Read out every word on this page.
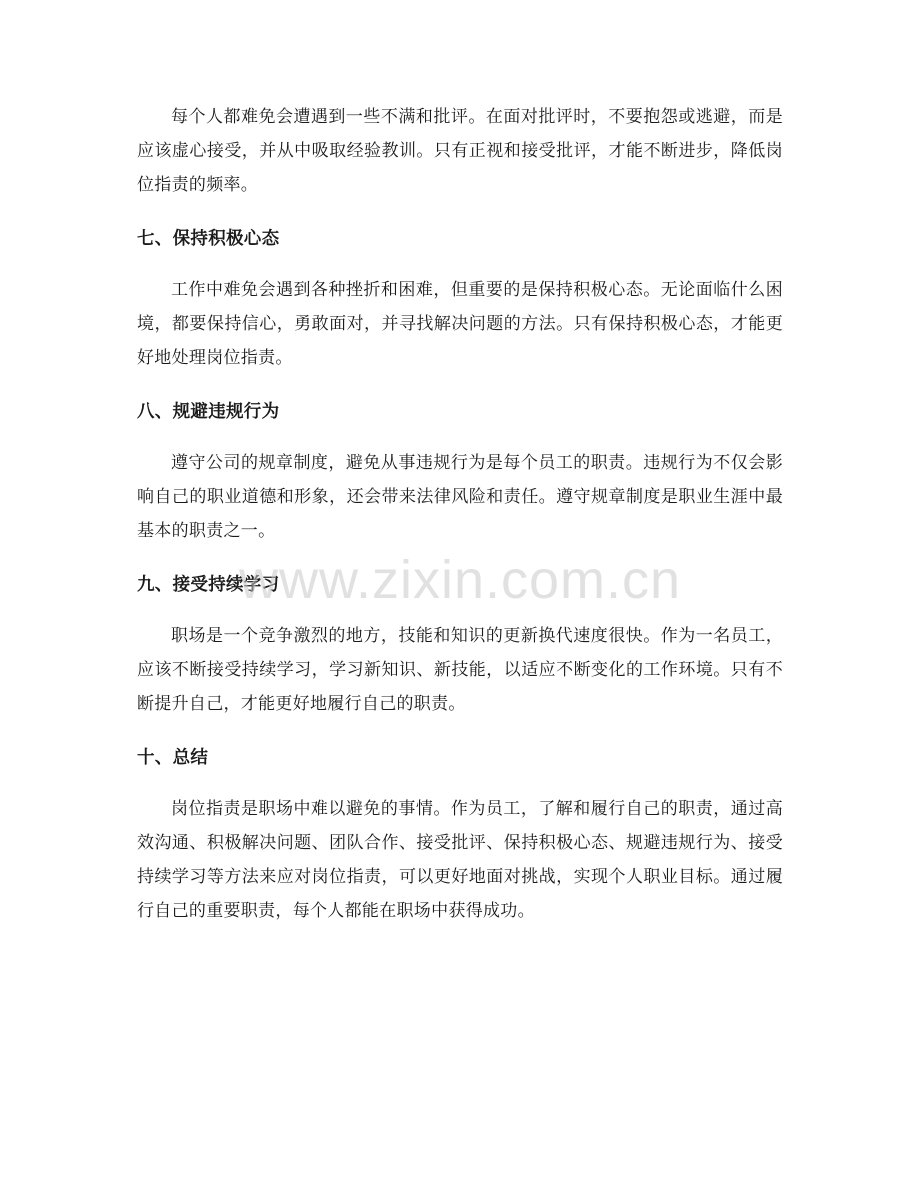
每个人都难免会遭遇到一些不满和批评。在面对批评时，不要抱怨或逃避，而是应该虚心接受，并从中吸取经验教训。只有正视和接受批评，才能不断进步，降低岗位指责的频率。

七、保持积极心态

工作中难免会遇到各种挫折和困难，但重要的是保持积极心态。无论面临什么困境，都要保持信心，勇敢面对，并寻找解决问题的方法。只有保持积极心态，才能更好地处理岗位指责。

八、规避违规行为

遵守公司的规章制度，避免从事违规行为是每个员工的职责。违规行为不仅会影响自己的职业道德和形象，还会带来法律风险和责任。遵守规章制度是职业生涯中最基本的职责之一。

九、接受持续学习

职场是一个竞争激烈的地方，技能和知识的更新换代速度很快。作为一名员工，应该不断接受持续学习，学习新知识、新技能，以适应不断变化的工作环境。只有不断提升自己，才能更好地履行自己的职责。

十、总结

岗位指责是职场中难以避免的事情。作为员工，了解和履行自己的职责，通过高效沟通、积极解决问题、团队合作、接受批评、保持积极心态、规避违规行为、接受持续学习等方法来应对岗位指责，可以更好地面对挑战，实现个人职业目标。通过履行自己的重要职责，每个人都能在职场中获得成功。

www.zixin.com.cn
